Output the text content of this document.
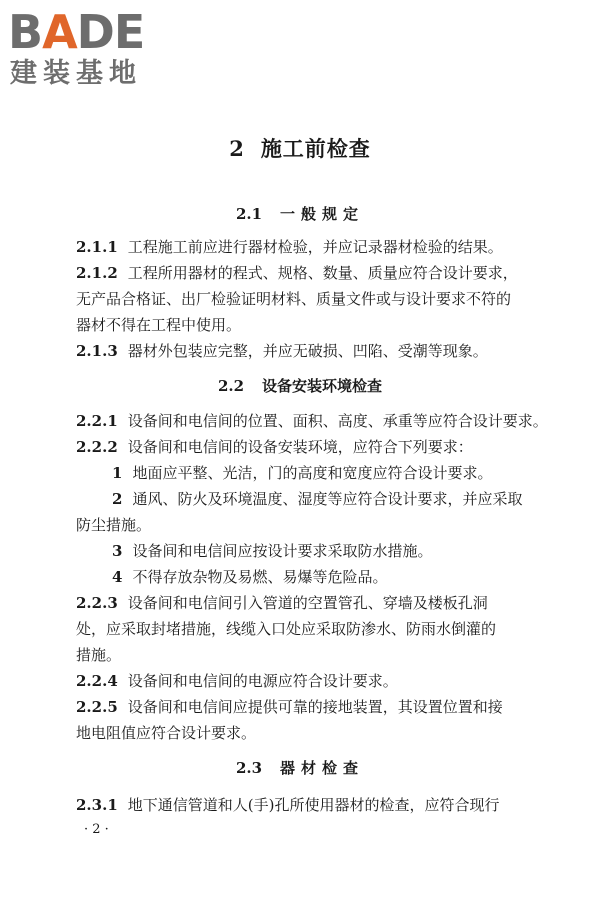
BADE
建装基地
2 施工前检查
2.1 一般规定
2.1.1 工程施工前应进行器材检验，并应记录器材检验的结果。
2.1.2 工程所用器材的程式、规格、数量、质量应符合设计要求，
无产品合格证、出厂检验证明材料、质量文件或与设计要求不符的
器材不得在工程中使用。
2.1.3 器材外包装应完整，并应无破损、凹陷、受潮等现象。
2.2 设备安装环境检查
2.2.1 设备间和电信间的位置、面积、高度、承重等应符合设计要求。
2.2.2 设备间和电信间的设备安装环境，应符合下列要求：
1 地面应平整、光洁，门的高度和宽度应符合设计要求。
2 通风、防火及环境温度、湿度等应符合设计要求，并应采取
防尘措施。
3 设备间和电信间应按设计要求采取防水措施。
4 不得存放杂物及易燃、易爆等危险品。
2.2.3 设备间和电信间引入管道的空置管孔、穿墙及楼板孔洞
处，应采取封堵措施，线缆入口处应采取防渗水、防雨水倒灌的
措施。
2.2.4 设备间和电信间的电源应符合设计要求。
2.2.5 设备间和电信间应提供可靠的接地装置，其设置位置和接
地电阻值应符合设计要求。
2.3 器材检查
2.3.1 地下通信管道和人(手)孔所使用器材的检查，应符合现行
· 2 ·
